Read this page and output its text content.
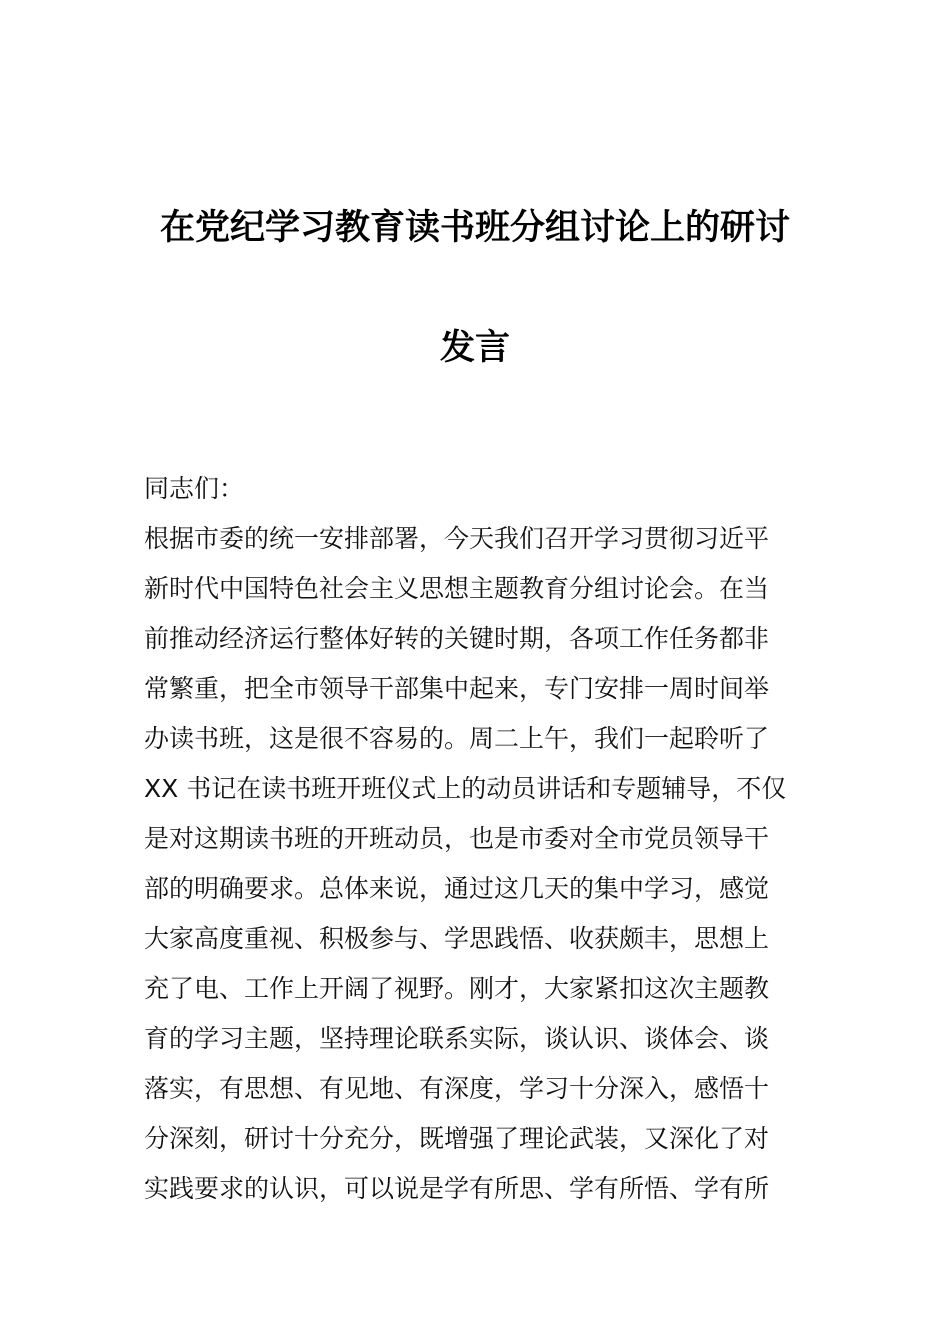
在党纪学习教育读书班分组讨论上的研讨
发言
同志们：
根据市委的统一安排部署，今天我们召开学习贯彻习近平
新时代中国特色社会主义思想主题教育分组讨论会。在当
前推动经济运行整体好转的关键时期，各项工作任务都非
常繁重，把全市领导干部集中起来，专门安排一周时间举
办读书班，这是很不容易的。周二上午，我们一起聆听了
XX 书记在读书班开班仪式上的动员讲话和专题辅导，不仅
是对这期读书班的开班动员，也是市委对全市党员领导干
部的明确要求。总体来说，通过这几天的集中学习，感觉
大家高度重视、积极参与、学思践悟、收获颇丰，思想上
充了电、工作上开阔了视野。刚才，大家紧扣这次主题教
育的学习主题，坚持理论联系实际，谈认识、谈体会、谈
落实，有思想、有见地、有深度，学习十分深入，感悟十
分深刻，研讨十分充分，既增强了理论武装，又深化了对
实践要求的认识，可以说是学有所思、学有所悟、学有所
